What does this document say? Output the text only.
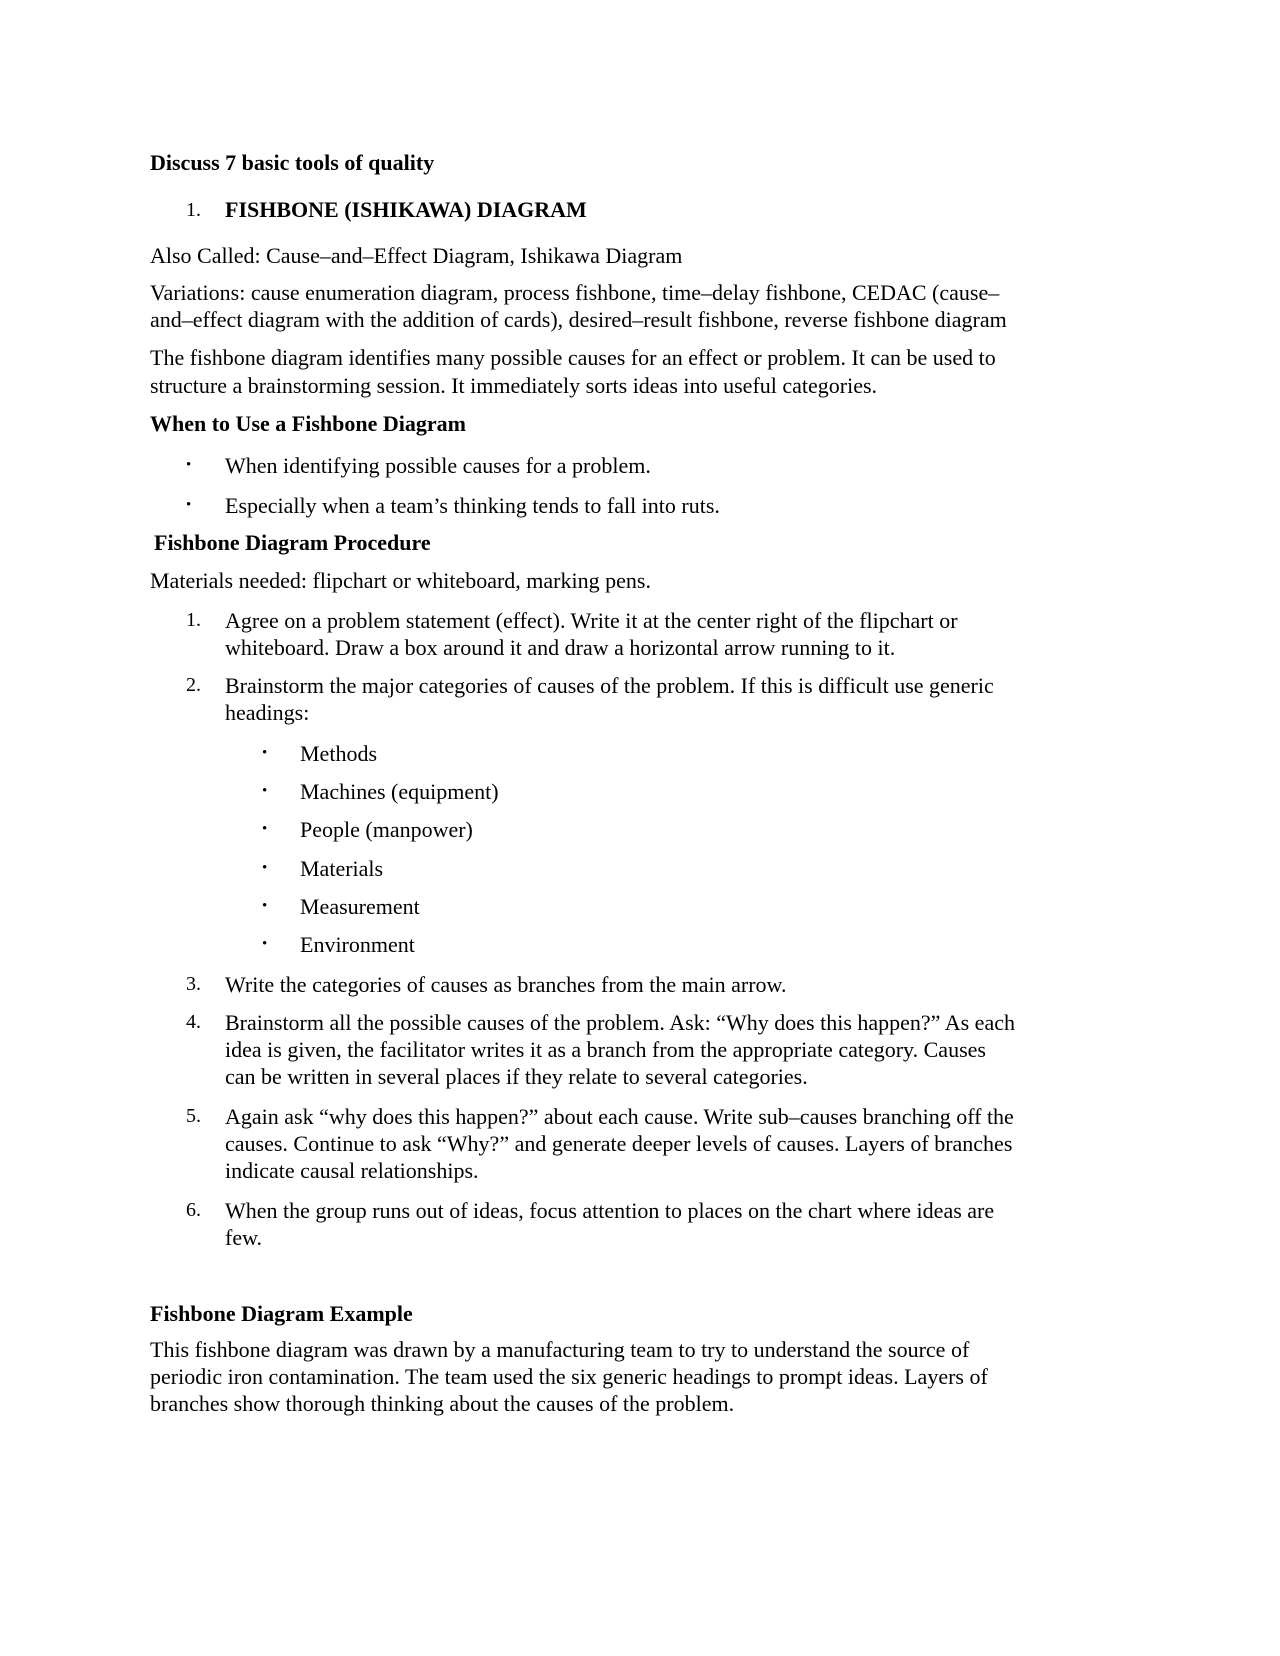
Discuss 7 basic tools of quality

1. FISHBONE (ISHIKAWA) DIAGRAM

Also Called: Cause–and–Effect Diagram, Ishikawa Diagram

Variations: cause enumeration diagram, process fishbone, time–delay fishbone, CEDAC (cause–

and–effect diagram with the addition of cards), desired–result fishbone, reverse fishbone diagram

The fishbone diagram identifies many possible causes for an effect or problem. It can be used to

structure a brainstorming session. It immediately sorts ideas into useful categories.

When to Use a Fishbone Diagram

• When identifying possible causes for a problem.

• Especially when a team’s thinking tends to fall into ruts.

Fishbone Diagram Procedure

Materials needed: flipchart or whiteboard, marking pens.

1. Agree on a problem statement (effect). Write it at the center right of the flipchart or

whiteboard. Draw a box around it and draw a horizontal arrow running to it.

2. Brainstorm the major categories of causes of the problem. If this is difficult use generic

headings:

• Methods

• Machines (equipment)

• People (manpower)

• Materials

• Measurement

• Environment

3. Write the categories of causes as branches from the main arrow.

4. Brainstorm all the possible causes of the problem. Ask: “Why does this happen?” As each

idea is given, the facilitator writes it as a branch from the appropriate category. Causes

can be written in several places if they relate to several categories.

5. Again ask “why does this happen?” about each cause. Write sub–causes branching off the

causes. Continue to ask “Why?” and generate deeper levels of causes. Layers of branches

indicate causal relationships.

6. When the group runs out of ideas, focus attention to places on the chart where ideas are

few.

Fishbone Diagram Example

This fishbone diagram was drawn by a manufacturing team to try to understand the source of

periodic iron contamination. The team used the six generic headings to prompt ideas. Layers of

branches show thorough thinking about the causes of the problem.
